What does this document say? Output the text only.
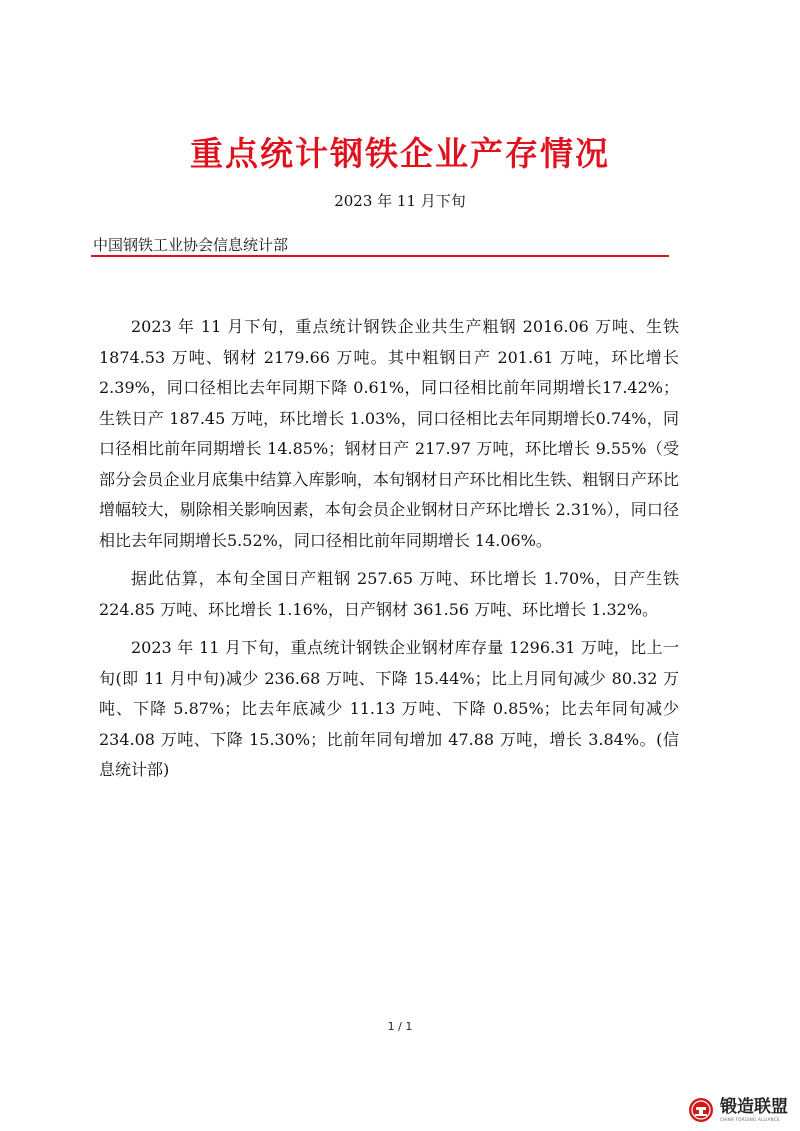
重点统计钢铁企业产存情况
2023 年 11 月下旬
中国钢铁工业协会信息统计部

2023 年 11 月下旬，重点统计钢铁企业共生产粗钢 2016.06 万吨、生铁 1874.53 万吨、钢材 2179.66 万吨。其中粗钢日产 201.61 万吨，环比增长 2.39%，同口径相比去年同期下降 0.61%，同口径相比前年同期增长17.42%；生铁日产 187.45 万吨，环比增长 1.03%，同口径相比去年同期增长0.74%，同口径相比前年同期增长 14.85%；钢材日产 217.97 万吨，环比增长 9.55%（受部分会员企业月底集中结算入库影响，本旬钢材日产环比相比生铁、粗钢日产环比增幅较大，剔除相关影响因素，本旬会员企业钢材日产环比增长 2.31%），同口径相比去年同期增长5.52%，同口径相比前年同期增长 14.06%。

据此估算，本旬全国日产粗钢 257.65 万吨、环比增长 1.70%，日产生铁 224.85 万吨、环比增长 1.16%，日产钢材 361.56 万吨、环比增长 1.32%。

2023 年 11 月下旬，重点统计钢铁企业钢材库存量 1296.31 万吨，比上一旬(即 11 月中旬)减少 236.68 万吨、下降 15.44%；比上月同旬减少 80.32 万吨、下降 5.87%；比去年底减少 11.13 万吨、下降 0.85%；比去年同旬减少 234.08 万吨、下降 15.30%；比前年同旬增加 47.88 万吨，增长 3.84%。(信息统计部)

1 / 1
锻造联盟
CHINA FORGING ALLIANCE
